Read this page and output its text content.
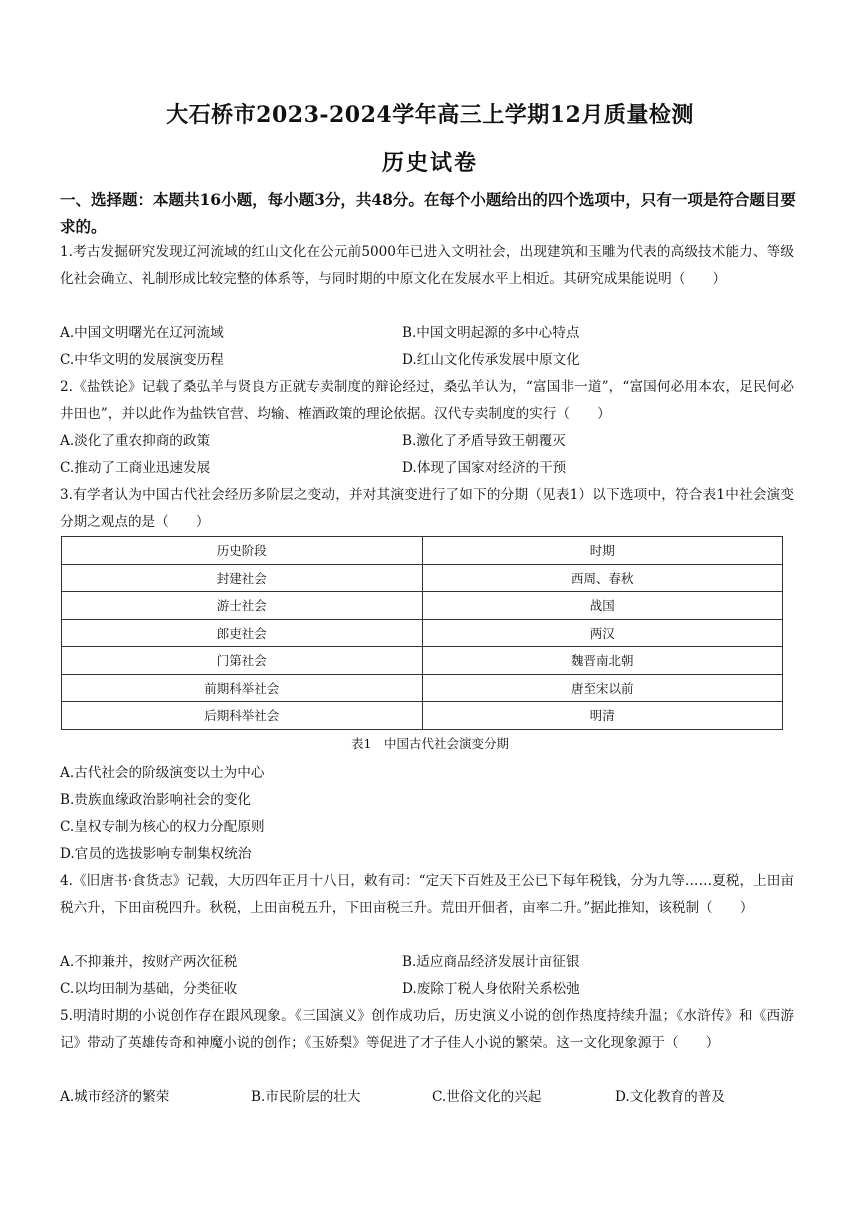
大石桥市2023-2024学年高三上学期12月质量检测
历史试卷
一、选择题：本题共16小题，每小题3分，共48分。在每个小题给出的四个选项中，只有一项是符合题目要求的。
1.考古发掘研究发现辽河流域的红山文化在公元前5000年已进入文明社会，出现建筑和玉雕为代表的高级技术能力、等级化社会确立、礼制形成比较完整的体系等，与同时期的中原文化在发展水平上相近。其研究成果能说明（　　）
A.中国文明曙光在辽河流域	B.中国文明起源的多中心特点
C.中华文明的发展演变历程	D.红山文化传承发展中原文化
2.《盐铁论》记载了桑弘羊与贤良方正就专卖制度的辩论经过，桑弘羊认为，“富国非一道”，“富国何必用本农，足民何必井田也”，并以此作为盐铁官营、均输、榷酒政策的理论依据。汉代专卖制度的实行（　　）
A.淡化了重农抑商的政策	B.激化了矛盾导致王朝覆灭
C.推动了工商业迅速发展	D.体现了国家对经济的干预
3.有学者认为中国古代社会经历多阶层之变动，并对其演变进行了如下的分期（见表1）以下选项中，符合表1中社会演变分期之观点的是（　　）
历史阶段	时期
封建社会	西周、春秋
游士社会	战国
郎吏社会	两汉
门第社会	魏晋南北朝
前期科举社会	唐至宋以前
后期科举社会	明清
表1　中国古代社会演变分期
A.古代社会的阶级演变以士为中心
B.贵族血缘政治影响社会的变化
C.皇权专制为核心的权力分配原则
D.官员的选拔影响专制集权统治
4.《旧唐书·食货志》记载，大历四年正月十八日，敕有司：“定天下百姓及王公已下每年税钱，分为九等……夏税，上田亩税六升，下田亩税四升。秋税，上田亩税五升，下田亩税三升。荒田开佃者，亩率二升。”据此推知，该税制（　　）
A.不抑兼并，按财产两次征税	B.适应商品经济发展计亩征银
C.以均田制为基础，分类征收	D.废除丁税人身依附关系松弛
5.明清时期的小说创作存在跟风现象。《三国演义》创作成功后，历史演义小说的创作热度持续升温；《水浒传》和《西游记》带动了英雄传奇和神魔小说的创作；《玉娇梨》等促进了才子佳人小说的繁荣。这一文化现象源于（　　）
A.城市经济的繁荣	B.市民阶层的壮大	C.世俗文化的兴起	D.文化教育的普及
